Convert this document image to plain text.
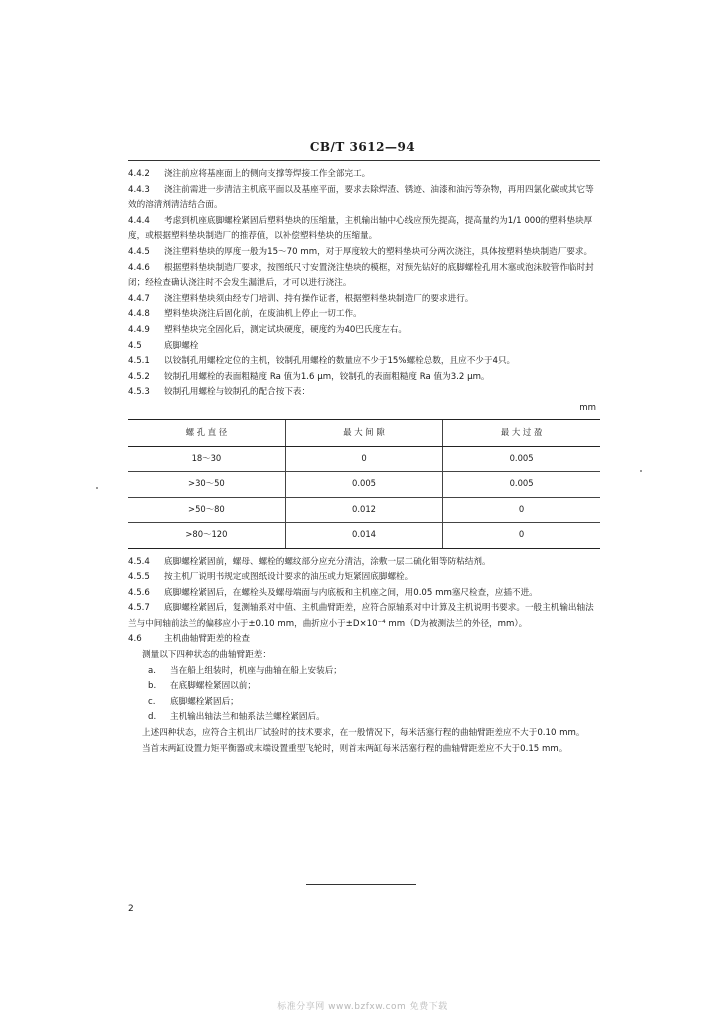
CB/T 3612—94

4.4.2 浇注前应将基座面上的侧向支撑等焊接工作全部完工。

4.4.3 浇注前需进一步清洁主机底平面以及基座平面，要求去除焊渣、锈迹、油漆和油污等杂物，再用四氯化碳或其它等效的溶清剂清洁结合面。

4.4.4 考虑到机座底脚螺栓紧固后塑料垫块的压缩量，主机输出轴中心线应预先提高，提高量约为1/1 000的塑料垫块厚度，或根据塑料垫块制造厂的推荐值，以补偿塑料垫块的压缩量。

4.4.5 浇注塑料垫块的厚度一般为15～70 mm，对于厚度较大的塑料垫块可分两次浇注，具体按塑料垫块制造厂要求。

4.4.6 根据塑料垫块制造厂要求，按图纸尺寸安置浇注垫块的模框，对预先钻好的底脚螺栓孔用木塞或泡沫胶管作临时封闭；经检查确认浇注时不会发生漏泄后，才可以进行浇注。

4.4.7 浇注塑料垫块须由经专门培训、持有操作证者，根据塑料垫块制造厂的要求进行。

4.4.8 塑料垫块浇注后固化前，在废油机上停止一切工作。

4.4.9 塑料垫块完全固化后，测定试块硬度，硬度约为40巴氏度左右。

4.5	底脚螺栓

4.5.1 以铰制孔用螺栓定位的主机，铰制孔用螺栓的数量应不少于15%螺栓总数，且应不少于4只。

4.5.2 铰制孔用螺栓的表面粗糙度 Ra 值为1.6 μm，铰制孔的表面粗糙度 Ra 值为3.2 μm。

4.5.3 铰制孔用螺栓与铰制孔的配合按下表：

mm
螺 孔 直 径	最 大 间 隙	最 大 过 盈
18～30	0	0.005
>30～50	0.005	0.005
>50～80	0.012	0
>80～120	0.014	0

4.5.4 底脚螺栓紧固前，螺母、螺栓的螺纹部分应充分清洁，涂敷一层二硫化钼等防粘结剂。

4.5.5 按主机厂说明书规定或图纸设计要求的油压或力矩紧固底脚螺栓。

4.5.6 底脚螺栓紧固后，在螺栓头及螺母端面与内底板和主机座之间，用0.05 mm塞尺检查，应插不进。

4.5.7 底脚螺栓紧固后，复测轴系对中值、主机曲臂距差，应符合原轴系对中计算及主机说明书要求。一般主机输出轴法兰与中间轴前法兰的偏移应小于±0.10 mm，曲折应小于±D×10⁻⁴ mm（D为被测法兰的外径，mm）。

4.6	主机曲轴臂距差的检查

测量以下四种状态的曲轴臂距差：

a. 当在船上组装时，机座与曲轴在船上安装后；

b. 在底脚螺栓紧固以前；

c. 底脚螺栓紧固后；

d. 主机输出轴法兰和轴系法兰螺栓紧固后。

上述四种状态，应符合主机出厂试验时的技术要求，在一般情况下，每米活塞行程的曲轴臂距差应不大于0.10 mm。

当首末两缸设置力矩平衡器或末端设置重型飞轮时，则首末两缸每米活塞行程的曲轴臂距差应不大于0.15 mm。

2
标准分享网 www.bzfxw.com 免费下载
